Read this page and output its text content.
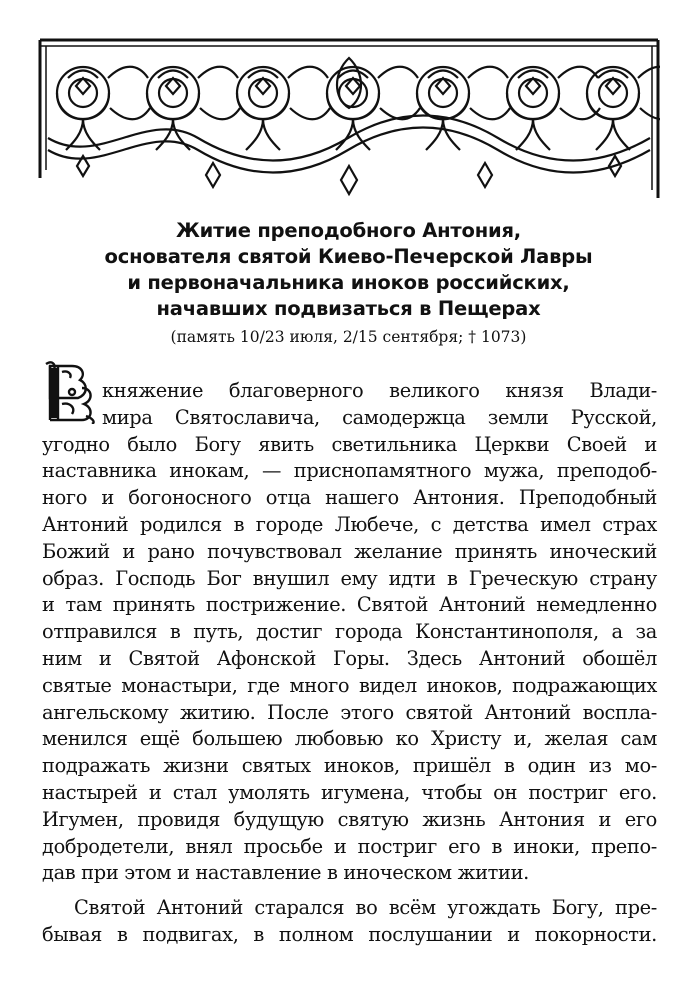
Житие преподобного Антония,
основателя святой Киево-Печерской Лавры
и первоначальника иноков российских,
начавших подвизаться в Пещерах
(память 10/23 июля, 2/15 сентября; † 1073)
княжение благоверного великого князя Влади-
мира Святославича, самодержца земли Русской,
угодно было Богу явить светильника Церкви Своей и
наставника инокам, — приснопамятного мужа, преподоб-
ного и богоносного отца нашего Антония. Преподобный
Антоний родился в городе Любече, с детства имел страх
Божий и рано почувствовал желание принять иноческий
образ. Господь Бог внушил ему идти в Греческую страну
и там принять пострижение. Святой Антоний немедленно
отправился в путь, достиг города Константинополя, а за
ним и Святой Афонской Горы. Здесь Антоний обошёл
святые монастыри, где много видел иноков, подражающих
ангельскому житию. После этого святой Антоний воспла-
менился ещё большею любовью ко Христу и, желая сам
подражать жизни святых иноков, пришёл в один из мо-
настырей и стал умолять игумена, чтобы он постриг его.
Игумен, провидя будущую святую жизнь Антония и его
добродетели, внял просьбе и постриг его в иноки, препо-
дав при этом и наставление в иноческом житии.
Святой Антоний старался во всём угождать Богу, пре-
бывая в подвигах, в полном послушании и покорности.
